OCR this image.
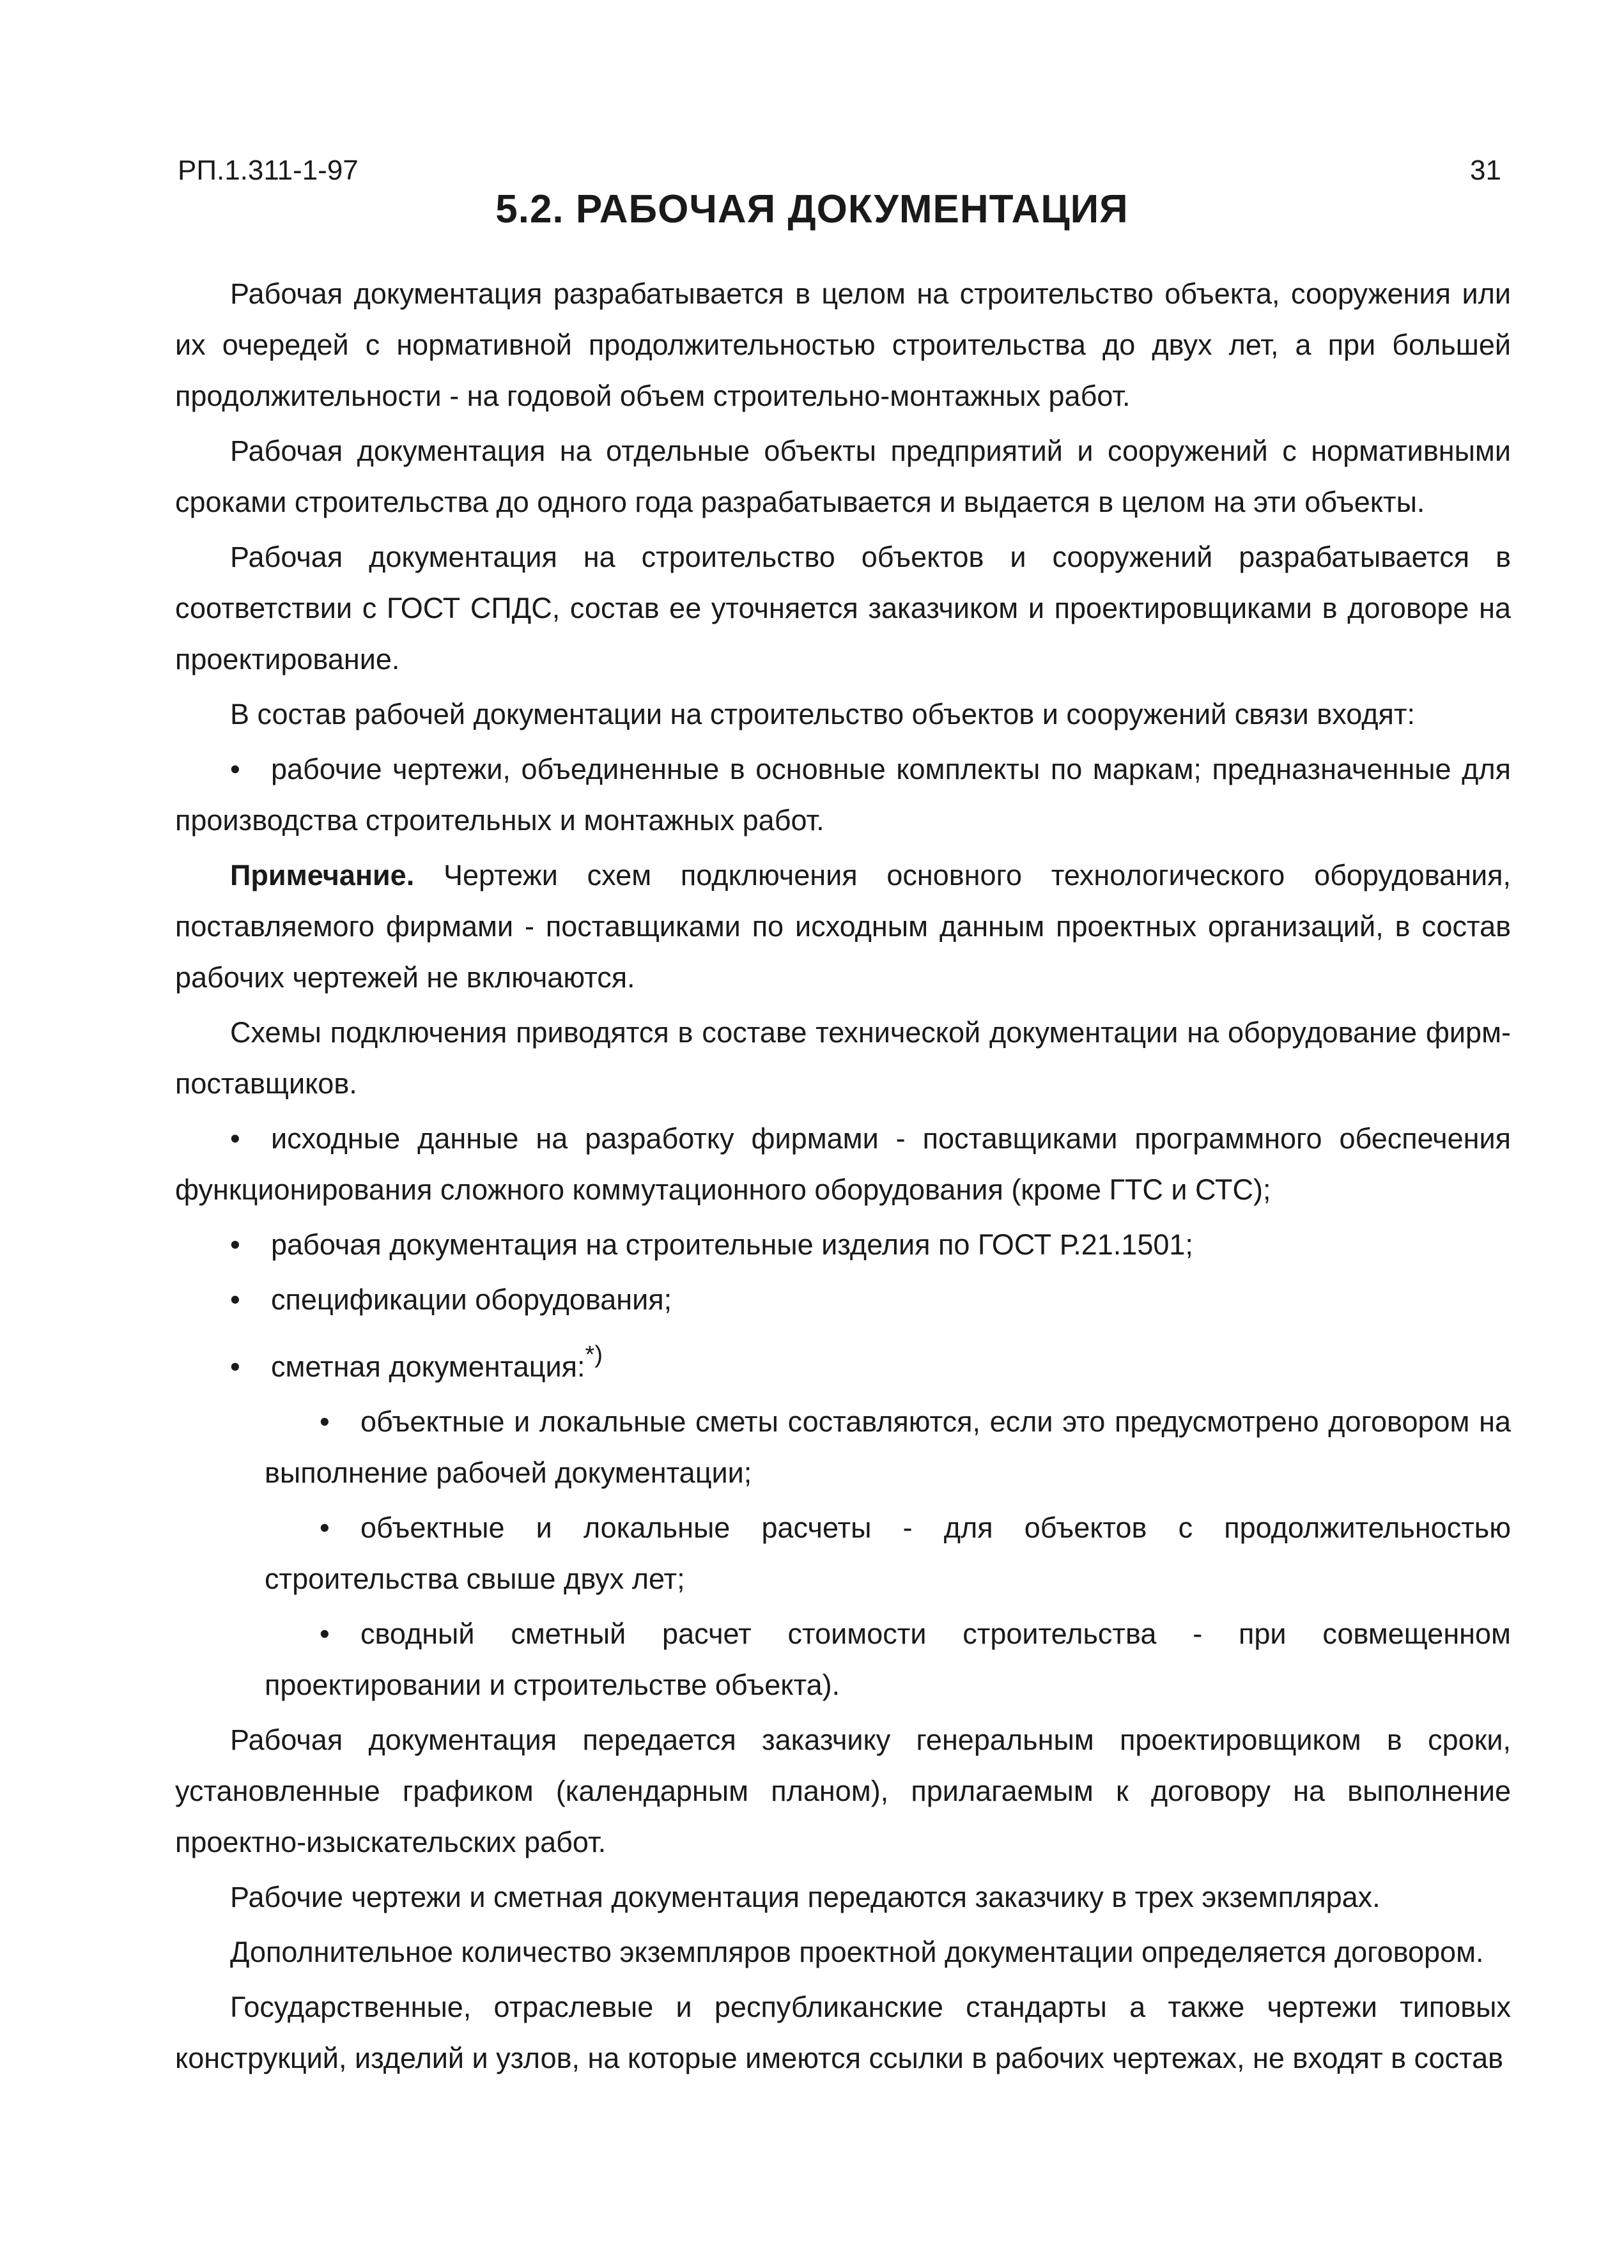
РП.1.311-1-97	31
5.2. РАБОЧАЯ ДОКУМЕНТАЦИЯ

Рабочая документация разрабатывается в целом на строительство объекта, сооружения или их очередей с нормативной продолжительностью строительства до двух лет, а при большей продолжительности - на годовой объем строительно-монтажных работ.

Рабочая документация на отдельные объекты предприятий и сооружений с нормативными сроками строительства до одного года разрабатывается и выдается в целом на эти объекты.

Рабочая документация на строительство объектов и сооружений разрабатывается в соответствии с ГОСТ СПДС, состав ее уточняется заказчиком и проектировщиками в договоре на проектирование.

В состав рабочей документации на строительство объектов и сооружений связи входят:

• рабочие чертежи, объединенные в основные комплекты по маркам; предназначенные для производства строительных и монтажных работ.

Примечание. Чертежи схем подключения основного технологического оборудования, поставляемого фирмами - поставщиками по исходным данным проектных организаций, в состав рабочих чертежей не включаются.

Схемы подключения приводятся в составе технической документации на оборудование фирм-поставщиков.

• исходные данные на разработку фирмами - поставщиками программного обеспечения функционирования сложного коммутационного оборудования (кроме ГТС и СТС);

• рабочая документация на строительные изделия по ГОСТ Р.21.1501;

• спецификации оборудования;

• сметная документация:*)

• объектные и локальные сметы составляются, если это предусмотрено договором на выполнение рабочей документации;

• объектные и локальные расчеты - для объектов с продолжительностью строительства свыше двух лет;

• сводный сметный расчет стоимости строительства - при совмещенном проектировании и строительстве объекта).

Рабочая документация передается заказчику генеральным проектировщиком в сроки, установленные графиком (календарным планом), прилагаемым к договору на выполнение проектно-изыскательских работ.

Рабочие чертежи и сметная документация передаются заказчику в трех экземплярах.

Дополнительное количество экземпляров проектной документации определяется договором.

Государственные, отраслевые и республиканские стандарты а также чертежи типовых конструкций, изделий и узлов, на которые имеются ссылки в рабочих чертежах, не входят в состав
